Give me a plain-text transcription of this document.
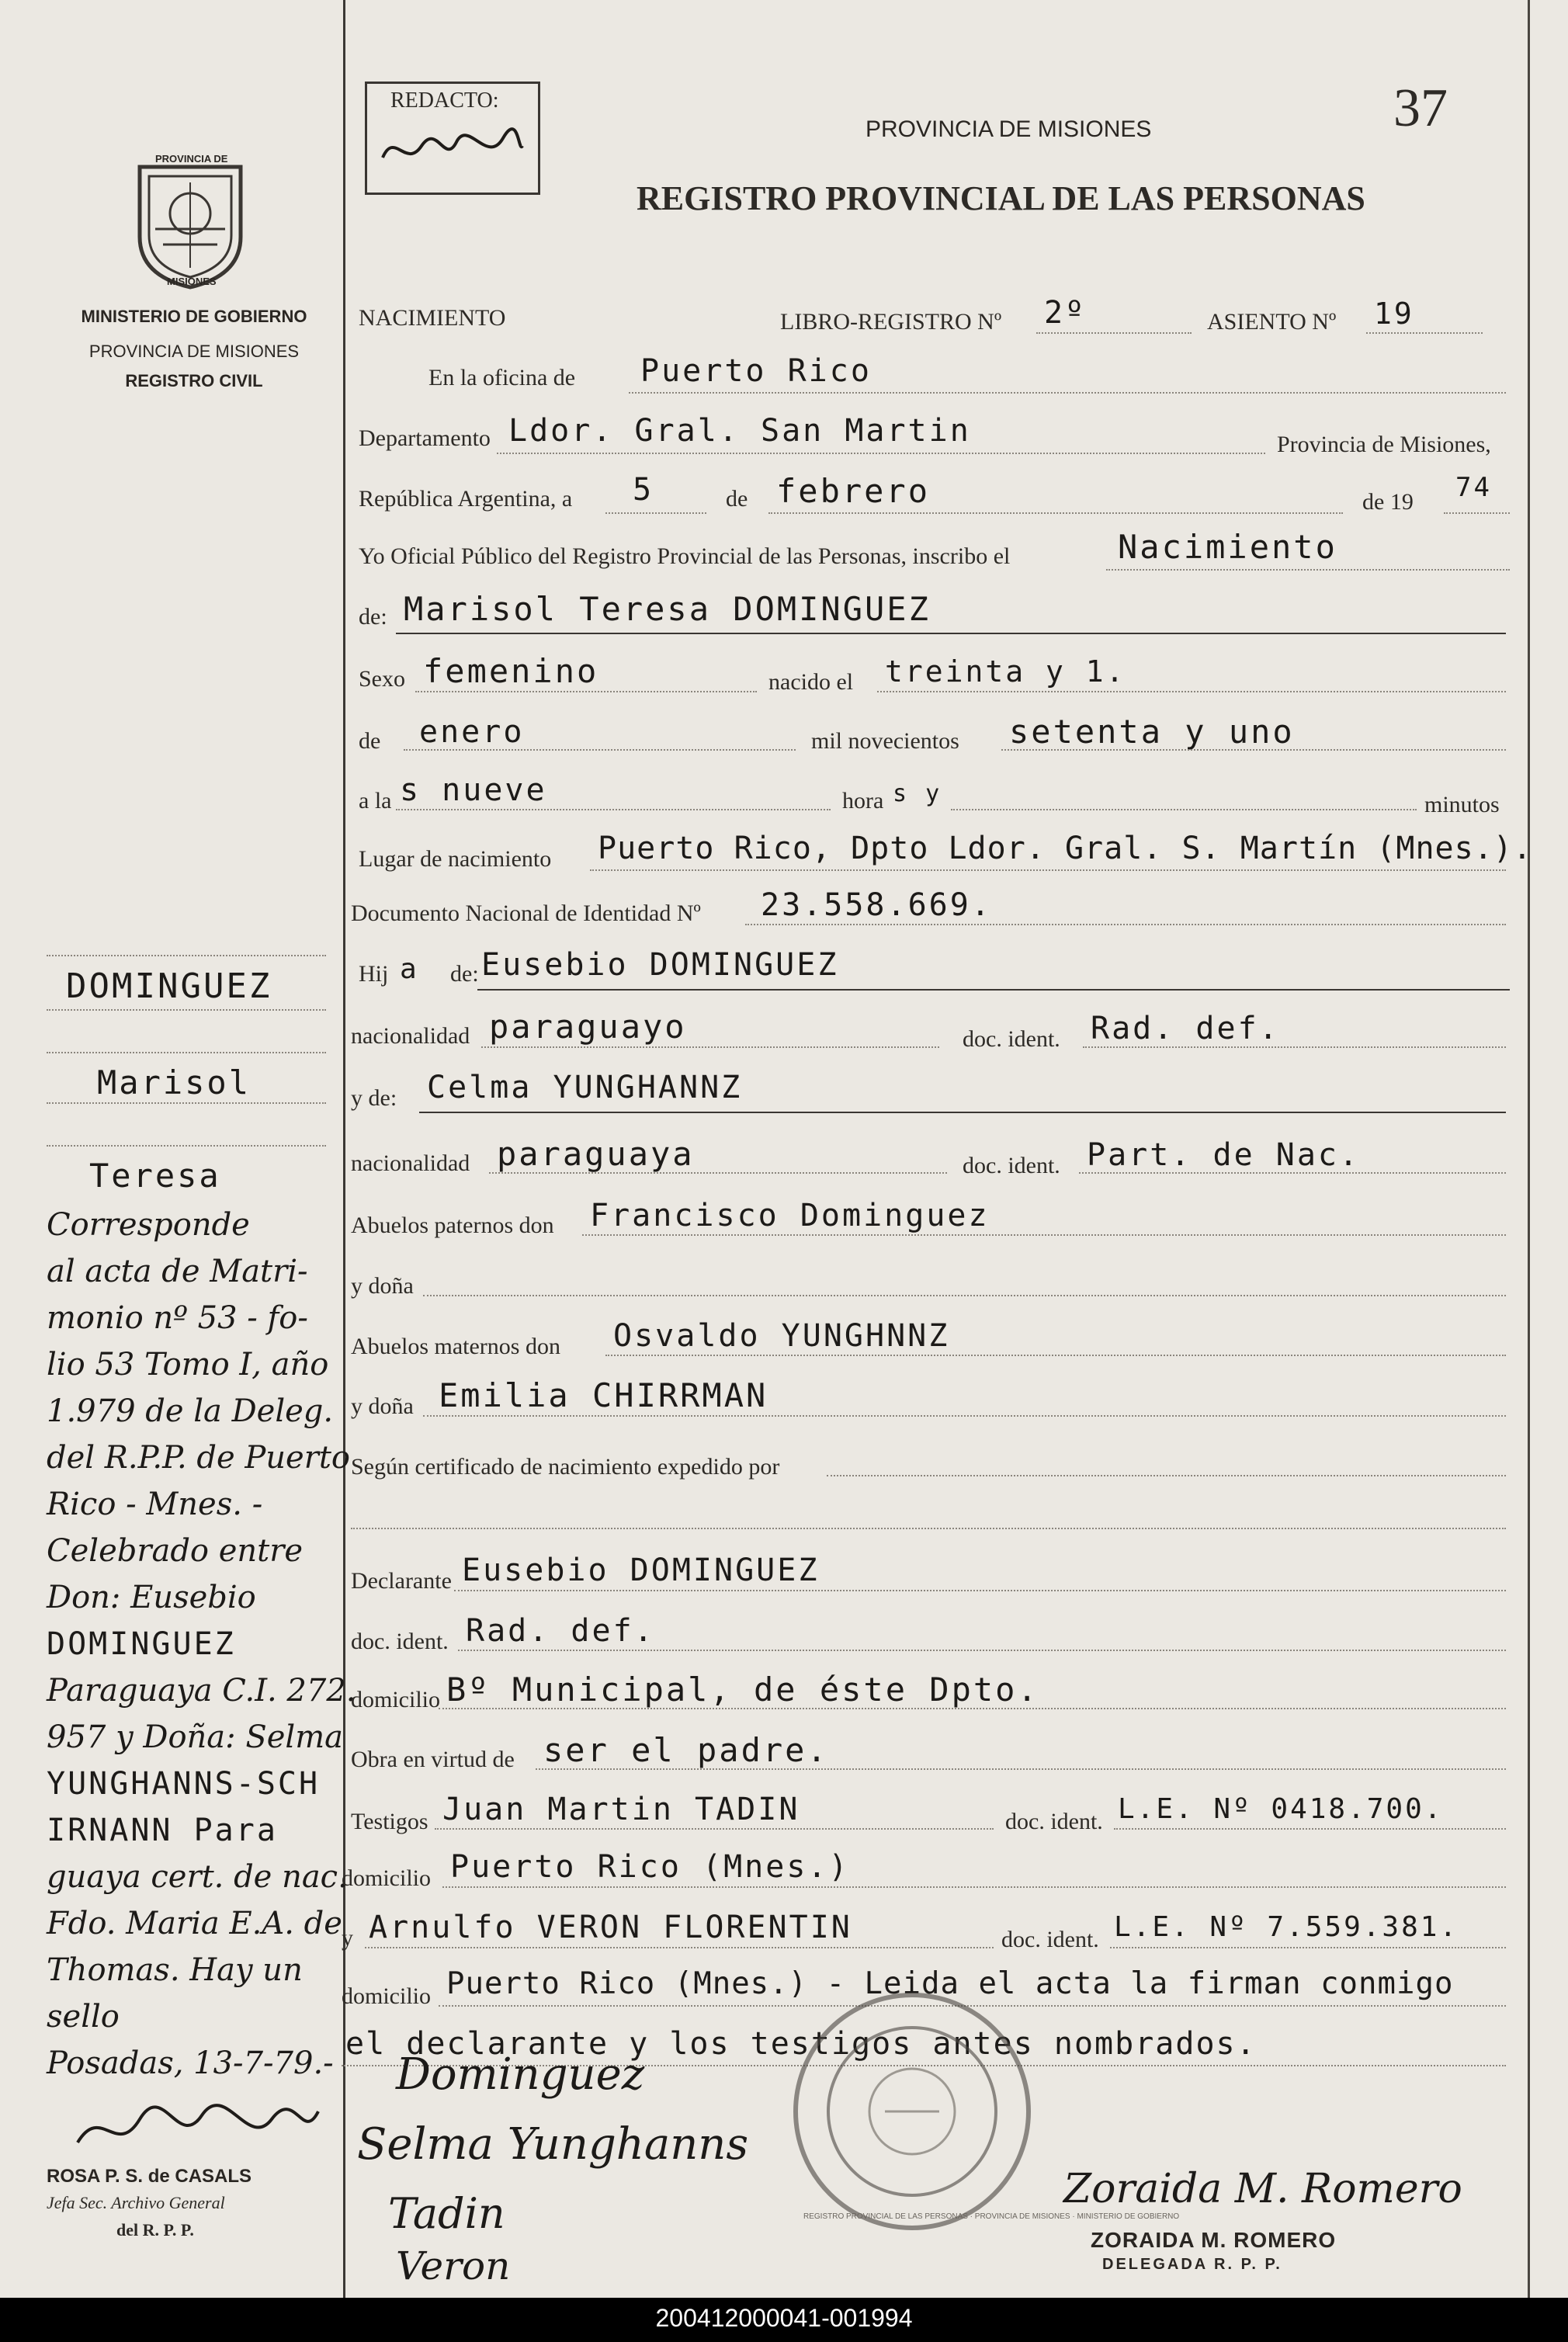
PROVINCIA DE
MISIONES
MINISTERIO DE GOBIERNO
PROVINCIA DE MISIONES
REGISTRO CIVIL
DOMINGUEZ
Marisol
Teresa
Corresponde
al acta de Matri-
monio nº 53 - fo-
lio 53 Tomo I, año
1.979 de la Deleg.
del R.P.P. de Puerto
Rico - Mnes. -
Celebrado entre
Don: Eusebio
DOMINGUEZ
Paraguaya C.I. 272.
957 y Doña: Selma
YUNGHANNS-SCH
IRNANN Para
guaya cert. de nac.
Fdo. Maria E.A. de
Thomas. Hay un
sello
Posadas, 13-7-79.-
ROSA P. S. de CASALS
Jefa Sec. Archivo General
del R. P. P.
REDACTO:
PROVINCIA DE MISIONES
REGISTRO PROVINCIAL DE LAS PERSONAS
37
NACIMIENTO	LIBRO-REGISTRO Nº 2º	ASIENTO Nº 19
En la oficina de Puerto Rico
Departamento Ldor. Gral. San Martin	Provincia de Misiones,
República Argentina, a 5	de febrero	de 19 74
Yo Oficial Público del Registro Provincial de las Personas, inscribo el	Nacimiento
de: Marisol Teresa DOMINGUEZ
Sexo femenino	nacido el treinta y 1.
de enero	mil novecientos setenta y uno
a la s nueve	hora s y	minutos
Lugar de nacimiento Puerto Rico, Dpto Ldor. Gral. S. Martín (Mnes.).
Documento Nacional de Identidad Nº 23.558.669.
Hij a de: Eusebio DOMINGUEZ
nacionalidad paraguayo	doc. ident. Rad. def.
y de: Celma YUNGHANNZ
nacionalidad paraguaya	doc. ident. Part. de Nac.
Abuelos paternos don Francisco Dominguez
y doña
Abuelos maternos don Osvaldo YUNGHNNZ
y doña Emilia CHIRRMAN
Según certificado de nacimiento expedido por
Declarante Eusebio DOMINGUEZ
doc. ident. Rad. def.
domicilio Bº Municipal, de éste Dpto.
Obra en virtud de ser el padre.
Testigos Juan Martin TADIN	doc. ident. L.E. Nº 0418.700.
domicilio Puerto Rico (Mnes.)
y Arnulfo VERON FLORENTIN	doc. ident. L.E. Nº 7.559.381.
domicilio Puerto Rico (Mnes.) - Leida el acta la firman conmigo
el declarante y los testigos antes nombrados.
REGISTRO PROVINCIAL DE LAS PERSONAS · PROVINCIA DE MISIONES · MINISTERIO DE GOBIERNO
Dominguez
Selma Yunghanns
Tadin
Veron
Zoraida M. Romero
ZORAIDA M. ROMERO
DELEGADA R. P. P.
200412000041-001994
